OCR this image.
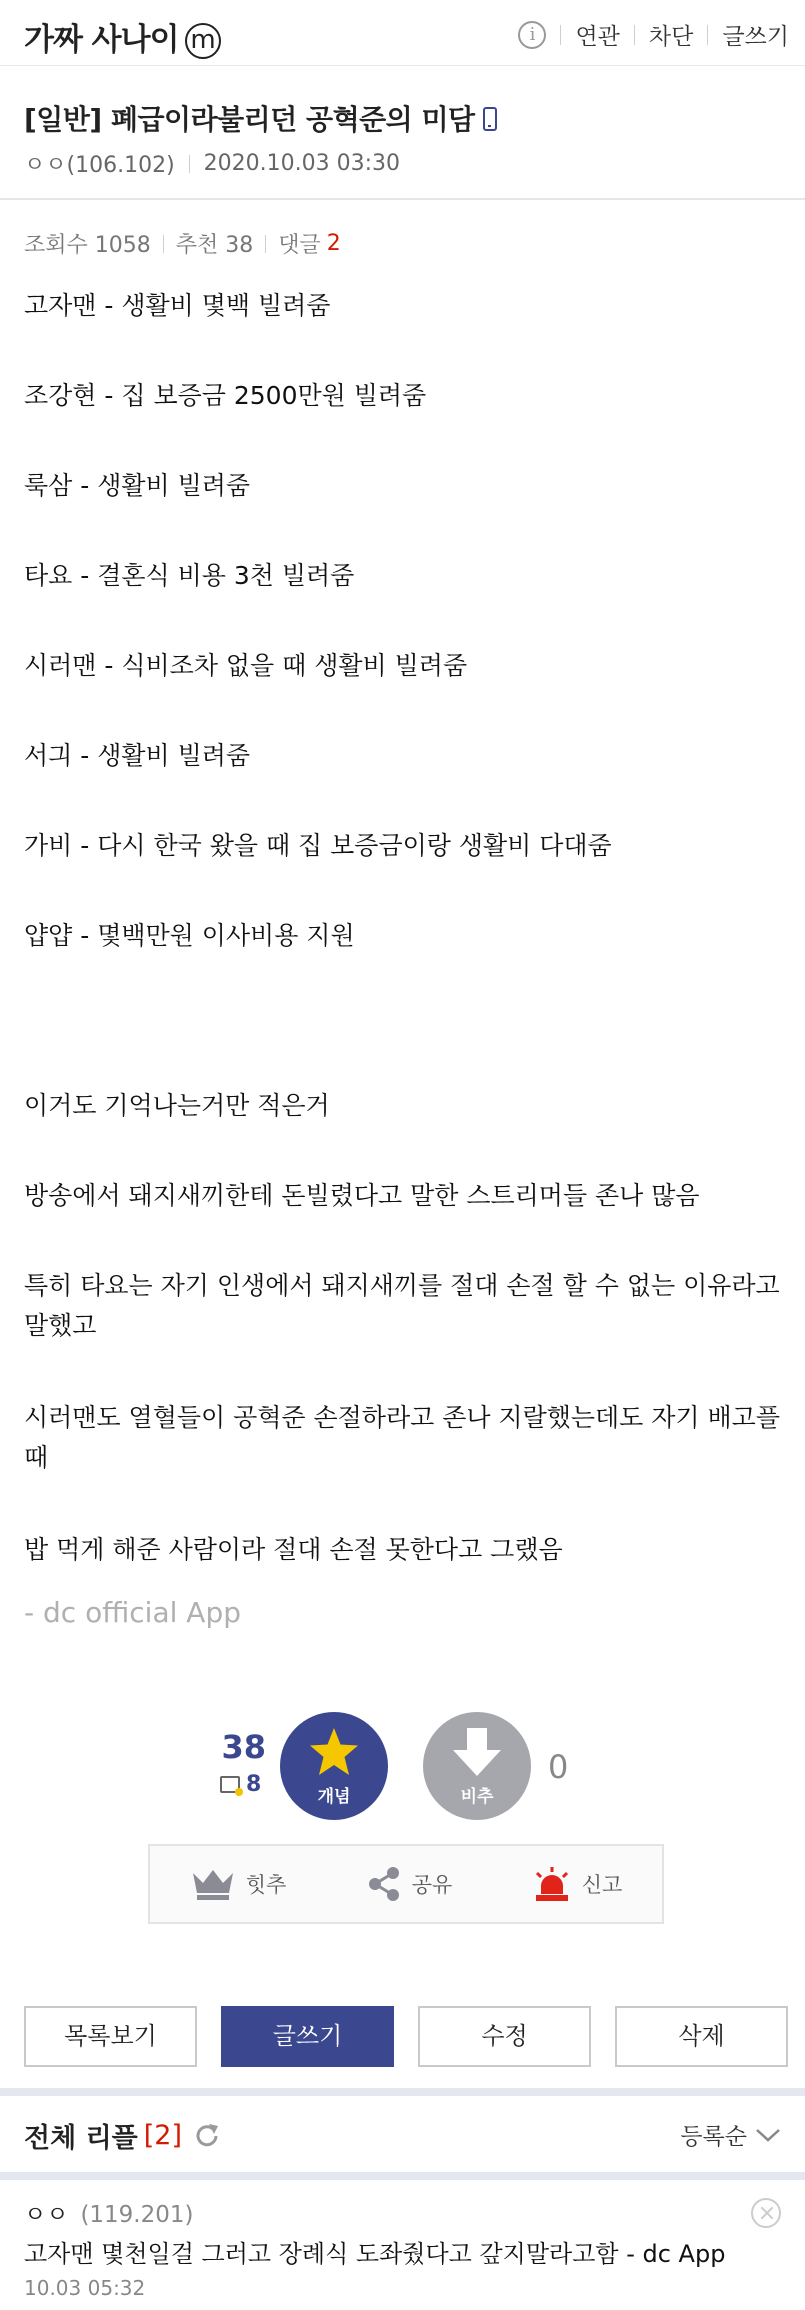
가짜 사나이 m	i	연관 차단 글쓰기
[일반] 폐급이라불리던 공혁준의 미담
ㅇㅇ(106.102) 2020.10.03 03:30
조회수 1058 추천 38 댓글 2

고자맨 - 생활비 몇백 빌려줌

조강현 - 집 보증금 2500만원 빌려줌

룩삼 - 생활비 빌려줌

타요 - 결혼식 비용 3천 빌려줌

시러맨 - 식비조차 없을 때 생활비 빌려줌

서긔 - 생활비 빌려줌

가비 - 다시 한국 왔을 때 집 보증금이랑 생활비 다대줌

얍얍 - 몇백만원 이사비용 지원

이거도 기억나는거만 적은거

방송에서 돼지새끼한테 돈빌렸다고 말한 스트리머들 존나 많음

특히 타요는 자기 인생에서 돼지새끼를 절대 손절 할 수 없는 이유라고 말했고

시러맨도 열혈들이 공혁준 손절하라고 존나 지랄했는데도 자기 배고플 때

밥 먹게 해준 사람이라 절대 손절 못한다고 그랬음

- dc official App
38
8	개념	비추
0
힛추	공유	신고
목록보기	글쓰기	수정	삭제
전체 리플 [2]	등록순
ㅇㅇ (119.201)
고자맨 몇천일걸 그러고 장례식 도좌줬다고 갚지말라고함 - dc App
10.03 05:32
